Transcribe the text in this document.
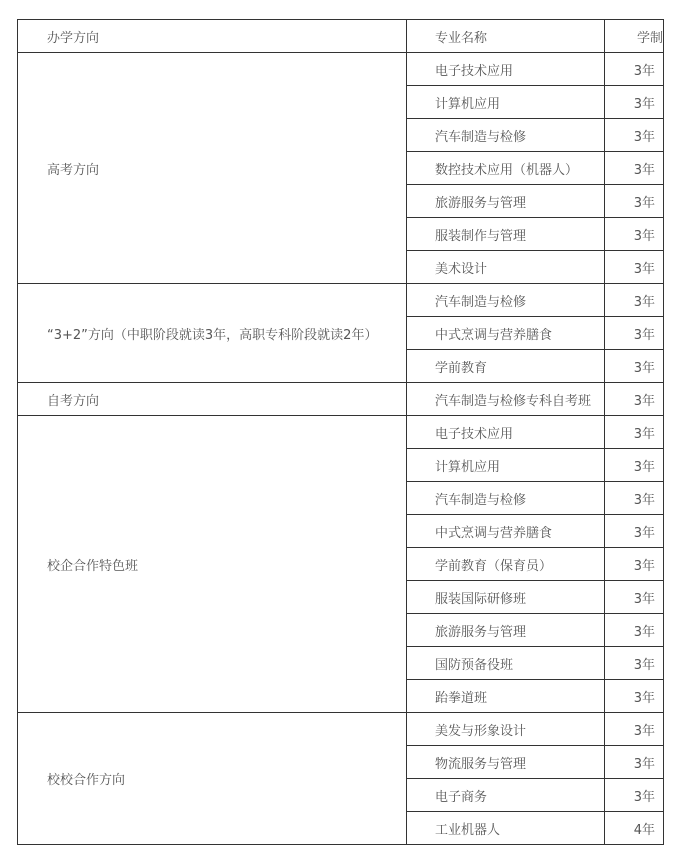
办学方向	专业名称	学制
高考方向	电子技术应用	3年
	计算机应用	3年
	汽车制造与检修	3年
	数控技术应用（机器人）	3年
	旅游服务与管理	3年
	服装制作与管理	3年
	美术设计	3年
“3+2”方向（中职阶段就读3年，高职专科阶段就读2年）	汽车制造与检修	3年
	中式烹调与营养膳食	3年
	学前教育	3年
自考方向	汽车制造与检修专科自考班	3年
校企合作特色班	电子技术应用	3年
	计算机应用	3年
	汽车制造与检修	3年
	中式烹调与营养膳食	3年
	学前教育（保育员）	3年
	服装国际研修班	3年
	旅游服务与管理	3年
	国防预备役班	3年
	跆拳道班	3年
校校合作方向	美发与形象设计	3年
	物流服务与管理	3年
	电子商务	3年
	工业机器人	4年
